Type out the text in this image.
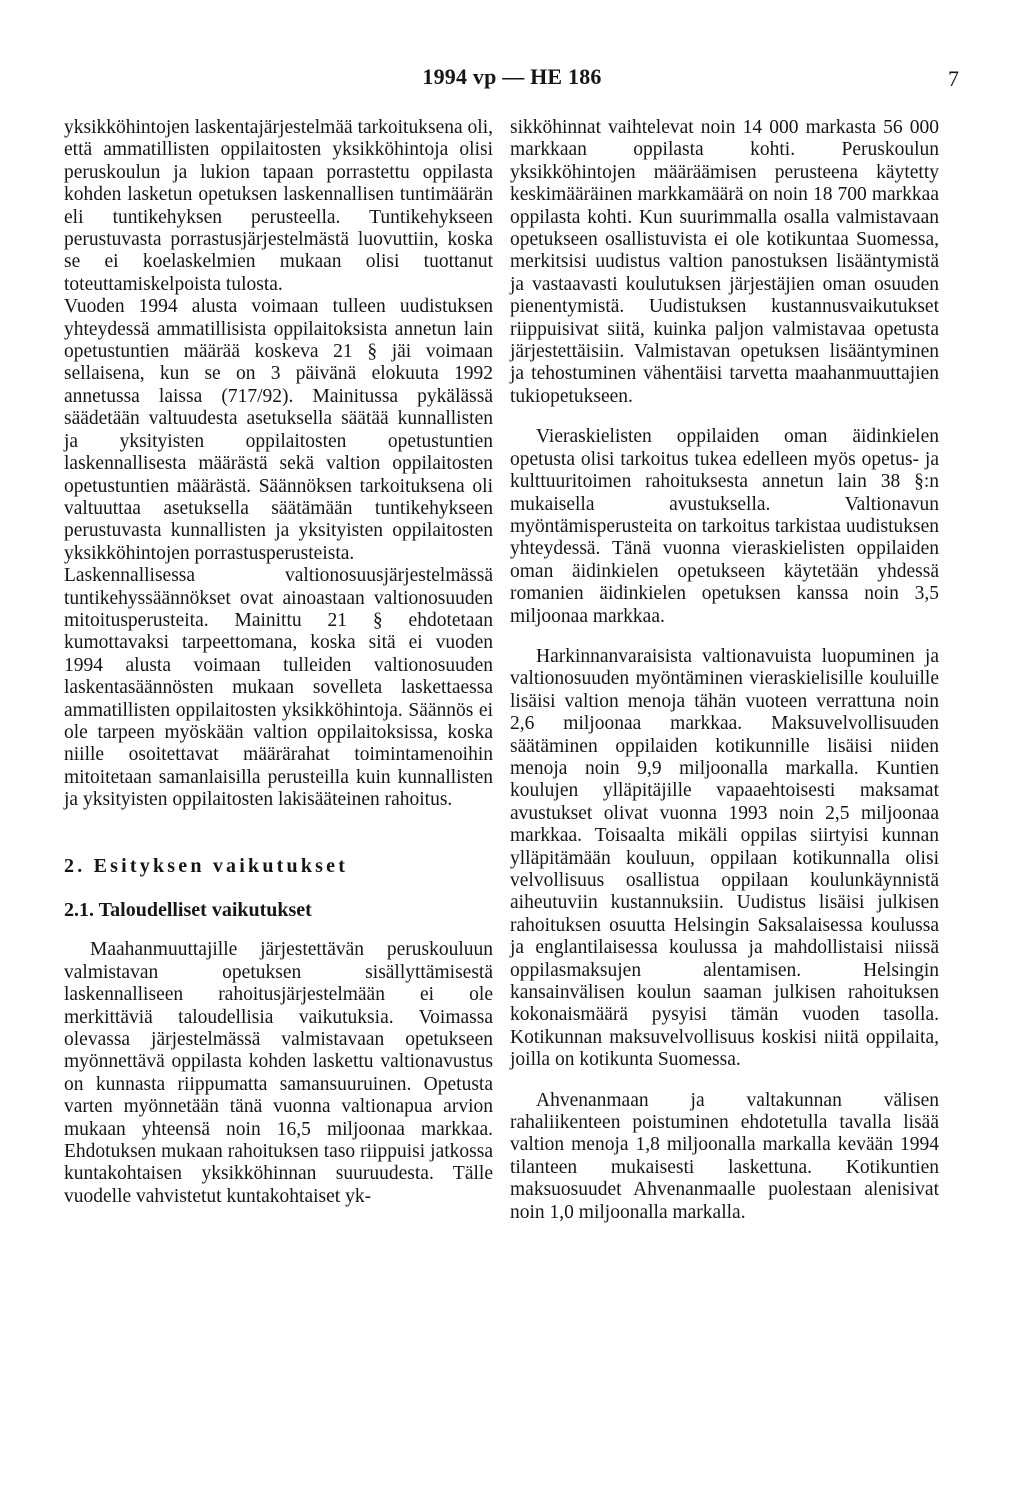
1994 vp — HE 186	7

yksikköhintojen laskentajärjestelmää tarkoituksena oli, että ammatillisten oppilaitosten yksikköhintoja olisi peruskoulun ja lukion tapaan porrastettu oppilasta kohden lasketun opetuksen laskennallisen tuntimäärän eli tuntikehyksen perusteella. Tuntikehykseen perustuvasta porrastusjärjestelmästä luovuttiin, koska se ei koelaskelmien mukaan olisi tuottanut toteuttamiskelpoista tulosta.

Vuoden 1994 alusta voimaan tulleen uudistuksen yhteydessä ammatillisista oppilaitoksista annetun lain opetustuntien määrää koskeva 21 § jäi voimaan sellaisena, kun se on 3 päivänä elokuuta 1992 annetussa laissa (717/92). Mainitussa pykälässä säädetään valtuudesta asetuksella säätää kunnallisten ja yksityisten oppilaitosten opetustuntien laskennallisesta määrästä sekä valtion oppilaitosten opetustuntien määrästä. Säännöksen tarkoituksena oli valtuuttaa asetuksella säätämään tuntikehykseen perustuvasta kunnallisten ja yksityisten oppilaitosten yksikköhintojen porrastusperusteista.

Laskennallisessa valtionosuusjärjestelmässä tuntikehyssäännökset ovat ainoastaan valtionosuuden mitoitusperusteita. Mainittu 21 § ehdotetaan kumottavaksi tarpeettomana, koska sitä ei vuoden 1994 alusta voimaan tulleiden valtionosuuden laskentasäännösten mukaan sovelleta laskettaessa ammatillisten oppilaitosten yksikköhintoja. Säännös ei ole tarpeen myöskään valtion oppilaitoksissa, koska niille osoitettavat määrärahat toimintamenoihin mitoitetaan samanlaisilla perusteilla kuin kunnallisten ja yksityisten oppilaitosten lakisääteinen rahoitus.

2. Esityksen vaikutukset
2.1. Taloudelliset vaikutukset

Maahanmuuttajille järjestettävän peruskouluun valmistavan opetuksen sisällyttämisestä laskennalliseen rahoitusjärjestelmään ei ole merkittäviä taloudellisia vaikutuksia. Voimassa olevassa järjestelmässä valmistavaan opetukseen myönnettävä oppilasta kohden laskettu valtionavustus on kunnasta riippumatta samansuuruinen. Opetusta varten myönnetään tänä vuonna valtionapua arvion mukaan yhteensä noin 16,5 miljoonaa markkaa. Ehdotuksen mukaan rahoituksen taso riippuisi jatkossa kuntakohtaisen yksikköhinnan suuruudesta. Tälle vuodelle vahvistetut kuntakohtaiset yk-

sikköhinnat vaihtelevat noin 14 000 markasta 56 000 markkaan oppilasta kohti. Peruskoulun yksikköhintojen määräämisen perusteena käytetty keskimääräinen markkamäärä on noin 18 700 markkaa oppilasta kohti. Kun suurimmalla osalla valmistavaan opetukseen osallistuvista ei ole kotikuntaa Suomessa, merkitsisi uudistus valtion panostuksen lisääntymistä ja vastaavasti koulutuksen järjestäjien oman osuuden pienentymistä. Uudistuksen kustannusvaikutukset riippuisivat siitä, kuinka paljon valmistavaa opetusta järjestettäisiin. Valmistavan opetuksen lisääntyminen ja tehostuminen vähentäisi tarvetta maahanmuuttajien tukiopetukseen.

Vieraskielisten oppilaiden oman äidinkielen opetusta olisi tarkoitus tukea edelleen myös opetus- ja kulttuuritoimen rahoituksesta annetun lain 38 §:n mukaisella avustuksella. Valtionavun myöntämisperusteita on tarkoitus tarkistaa uudistuksen yhteydessä. Tänä vuonna vieraskielisten oppilaiden oman äidinkielen opetukseen käytetään yhdessä romanien äidinkielen opetuksen kanssa noin 3,5 miljoonaa markkaa.

Harkinnanvaraisista valtionavuista luopuminen ja valtionosuuden myöntäminen vieraskielisille kouluille lisäisi valtion menoja tähän vuoteen verrattuna noin 2,6 miljoonaa markkaa. Maksuvelvollisuuden säätäminen oppilaiden kotikunnille lisäisi niiden menoja noin 9,9 miljoonalla markalla. Kuntien koulujen ylläpitäjille vapaaehtoisesti maksamat avustukset olivat vuonna 1993 noin 2,5 miljoonaa markkaa. Toisaalta mikäli oppilas siirtyisi kunnan ylläpitämään kouluun, oppilaan kotikunnalla olisi velvollisuus osallistua oppilaan koulunkäynnistä aiheutuviin kustannuksiin. Uudistus lisäisi julkisen rahoituksen osuutta Helsingin Saksalaisessa koulussa ja englantilaisessa koulussa ja mahdollistaisi niissä oppilasmaksujen alentamisen. Helsingin kansainvälisen koulun saaman julkisen rahoituksen kokonaismäärä pysyisi tämän vuoden tasolla. Kotikunnan maksuvelvollisuus koskisi niitä oppilaita, joilla on kotikunta Suomessa.

Ahvenanmaan ja valtakunnan välisen rahaliikenteen poistuminen ehdotetulla tavalla lisää valtion menoja 1,8 miljoonalla markalla kevään 1994 tilanteen mukaisesti laskettuna. Kotikuntien maksuosuudet Ahvenanmaalle puolestaan alenisivat noin 1,0 miljoonalla markalla.
